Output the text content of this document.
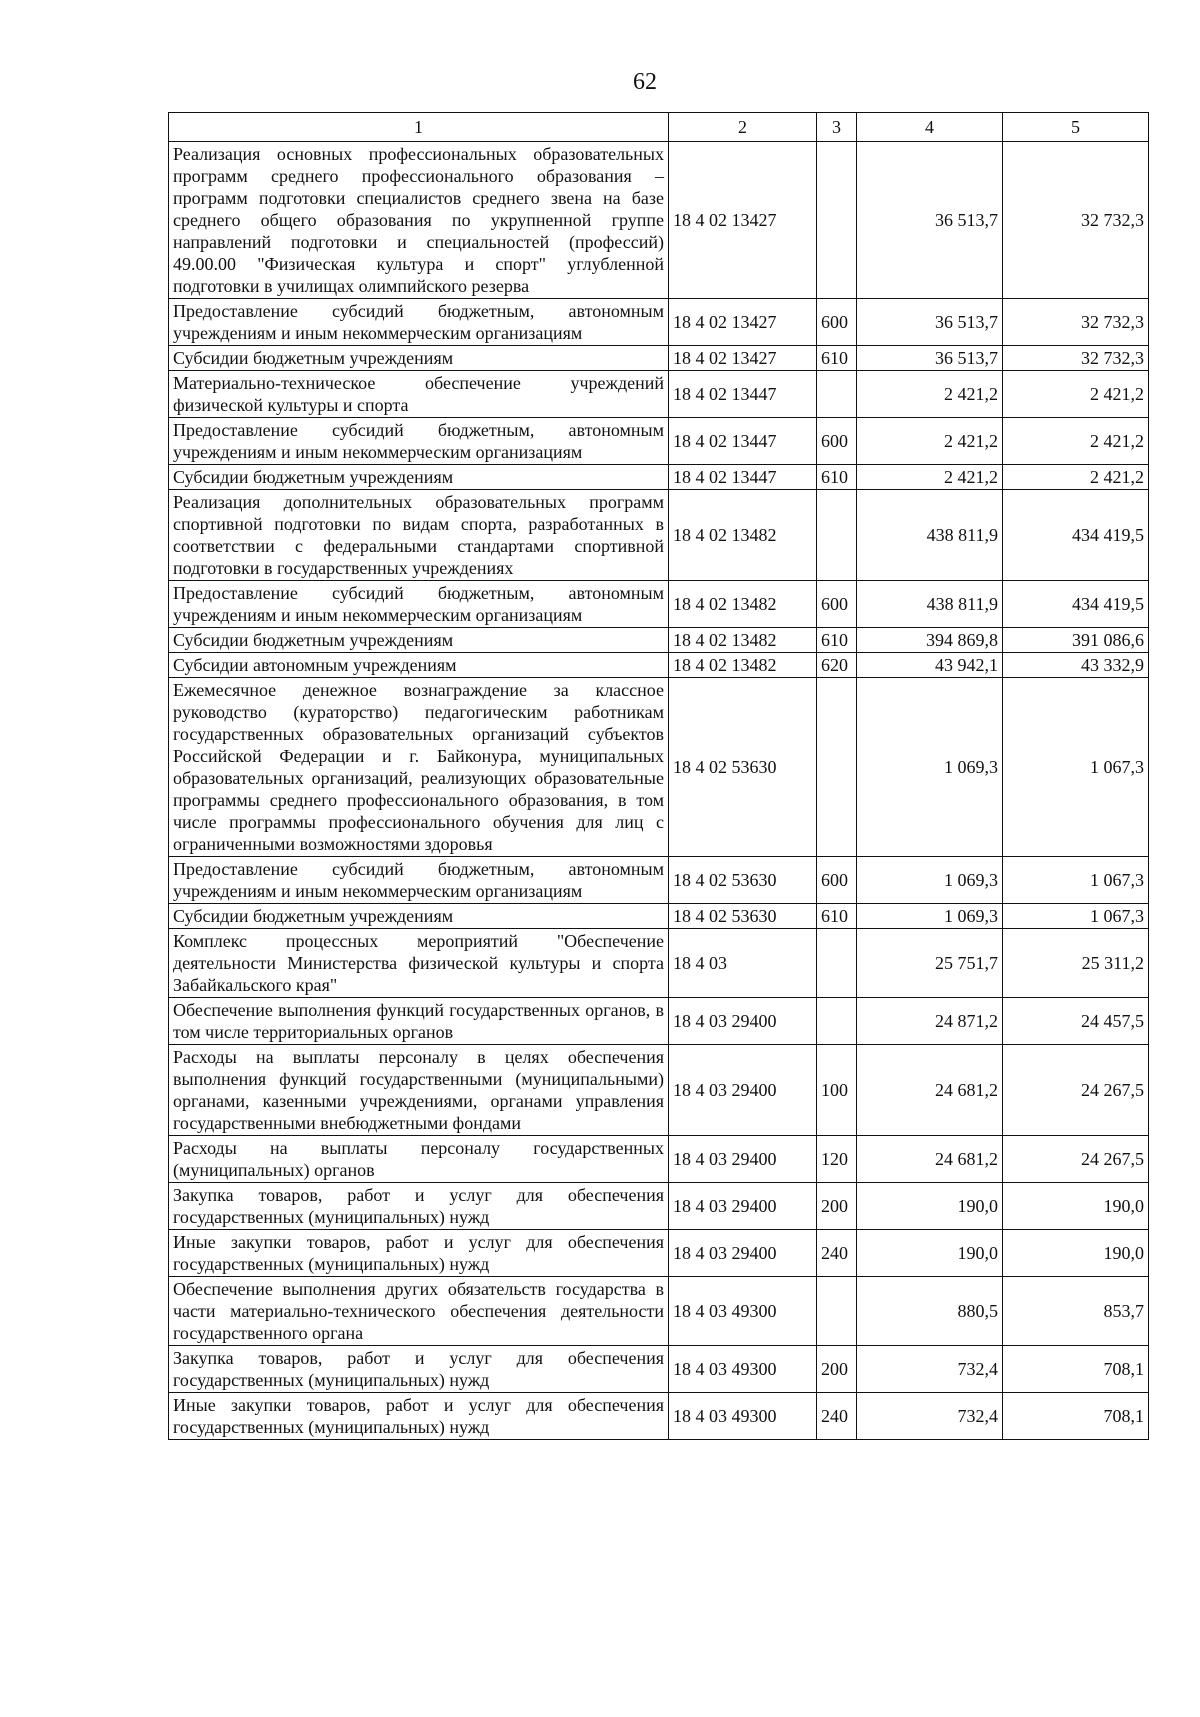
62
1	2	3	4	5
Реализация основных профессиональных образовательных программ среднего профессионального образования – программ подготовки специалистов среднего звена на базе среднего общего образования по укрупненной группе направлений подготовки и специальностей (профессий) 49.00.00 "Физическая культура и спорт" углубленной подготовки в училищах олимпийского резерва	18 4 02 13427		36 513,7	32 732,3
Предоставление субсидий бюджетным, автономным учреждениям и иным некоммерческим организациям	18 4 02 13427	600	36 513,7	32 732,3
Субсидии бюджетным учреждениям	18 4 02 13427	610	36 513,7	32 732,3
Материально-техническое обеспечение учреждений физической культуры и спорта	18 4 02 13447		2 421,2	2 421,2
Предоставление субсидий бюджетным, автономным учреждениям и иным некоммерческим организациям	18 4 02 13447	600	2 421,2	2 421,2
Субсидии бюджетным учреждениям	18 4 02 13447	610	2 421,2	2 421,2
Реализация дополнительных образовательных программ спортивной подготовки по видам спорта, разработанных в соответствии с федеральными стандартами спортивной подготовки в государственных учреждениях	18 4 02 13482		438 811,9	434 419,5
Предоставление субсидий бюджетным, автономным учреждениям и иным некоммерческим организациям	18 4 02 13482	600	438 811,9	434 419,5
Субсидии бюджетным учреждениям	18 4 02 13482	610	394 869,8	391 086,6
Субсидии автономным учреждениям	18 4 02 13482	620	43 942,1	43 332,9
Ежемесячное денежное вознаграждение за классное руководство (кураторство) педагогическим работникам государственных образовательных организаций субъектов Российской Федерации и г. Байконура, муниципальных образовательных организаций, реализующих образовательные программы среднего профессионального образования, в том числе программы профессионального обучения для лиц с ограниченными возможностями здоровья	18 4 02 53630		1 069,3	1 067,3
Предоставление субсидий бюджетным, автономным учреждениям и иным некоммерческим организациям	18 4 02 53630	600	1 069,3	1 067,3
Субсидии бюджетным учреждениям	18 4 02 53630	610	1 069,3	1 067,3
Комплекс процессных мероприятий "Обеспечение деятельности Министерства физической культуры и спорта Забайкальского края"	18 4 03		25 751,7	25 311,2
Обеспечение выполнения функций государственных органов, в том числе территориальных органов	18 4 03 29400		24 871,2	24 457,5
Расходы на выплаты персоналу в целях обеспечения выполнения функций государственными (муниципальными) органами, казенными учреждениями, органами управления государственными внебюджетными фондами	18 4 03 29400	100	24 681,2	24 267,5
Расходы на выплаты персоналу государственных (муниципальных) органов	18 4 03 29400	120	24 681,2	24 267,5
Закупка товаров, работ и услуг для обеспечения государственных (муниципальных) нужд	18 4 03 29400	200	190,0	190,0
Иные закупки товаров, работ и услуг для обеспечения государственных (муниципальных) нужд	18 4 03 29400	240	190,0	190,0
Обеспечение выполнения других обязательств государства в части материально-технического обеспечения деятельности государственного органа	18 4 03 49300		880,5	853,7
Закупка товаров, работ и услуг для обеспечения государственных (муниципальных) нужд	18 4 03 49300	200	732,4	708,1
Иные закупки товаров, работ и услуг для обеспечения государственных (муниципальных) нужд	18 4 03 49300	240	732,4	708,1
